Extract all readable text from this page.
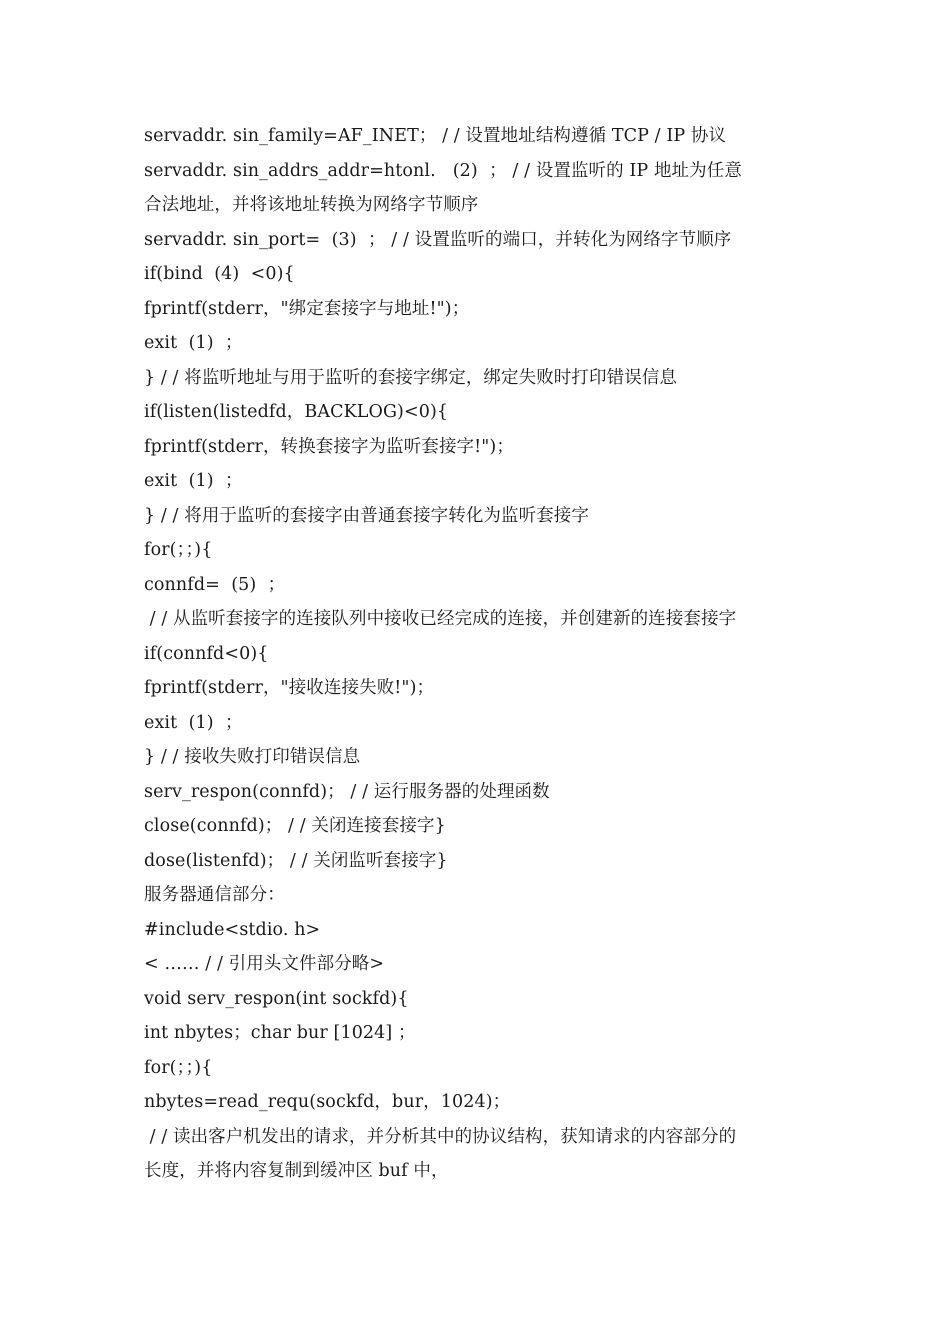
servaddr. sin_family=AF_INET； / / 设置地址结构遵循 TCP / IP 协议
servaddr. sin_addrs_addr=htonl.   (2)  ； / / 设置监听的 IP 地址为任意
合法地址，并将该地址转换为网络字节顺序
servaddr. sin_port=  (3)  ； / / 设置监听的端口，并转化为网络字节顺序
if(bind  (4)  <0){
fprintf(stderr，"绑定套接字与地址!")；
exit  (1)  ；
} / / 将监听地址与用于监听的套接字绑定，绑定失败时打印错误信息
if(listen(listedfd，BACKLOG)<0){
fprintf(stderr，转换套接字为监听套接字!")；
exit  (1)  ；
} / / 将用于监听的套接字由普通套接字转化为监听套接字
for(；；){
connfd=  (5)  ；
/ / 从监听套接字的连接队列中接收已经完成的连接，并创建新的连接套接字
if(connfd<0){
fprintf(stderr，"接收连接失败!")；
exit  (1)  ；
} / / 接收失败打印错误信息
serv_respon(connfd)； / / 运行服务器的处理函数
close(connfd)； / / 关闭连接套接字}
dose(listenfd)； / / 关闭监听套接字}
服务器通信部分：
#include<stdio. h>
< …… / / 引用头文件部分略>
void serv_respon(int sockfd){
int nbytes；char bur [1024] ；
for(；；){
nbytes=read_requ(sockfd，bur，1024)；
/ / 读出客户机发出的请求，并分析其中的协议结构，获知请求的内容部分的
长度，并将内容复制到缓冲区 buf 中，
